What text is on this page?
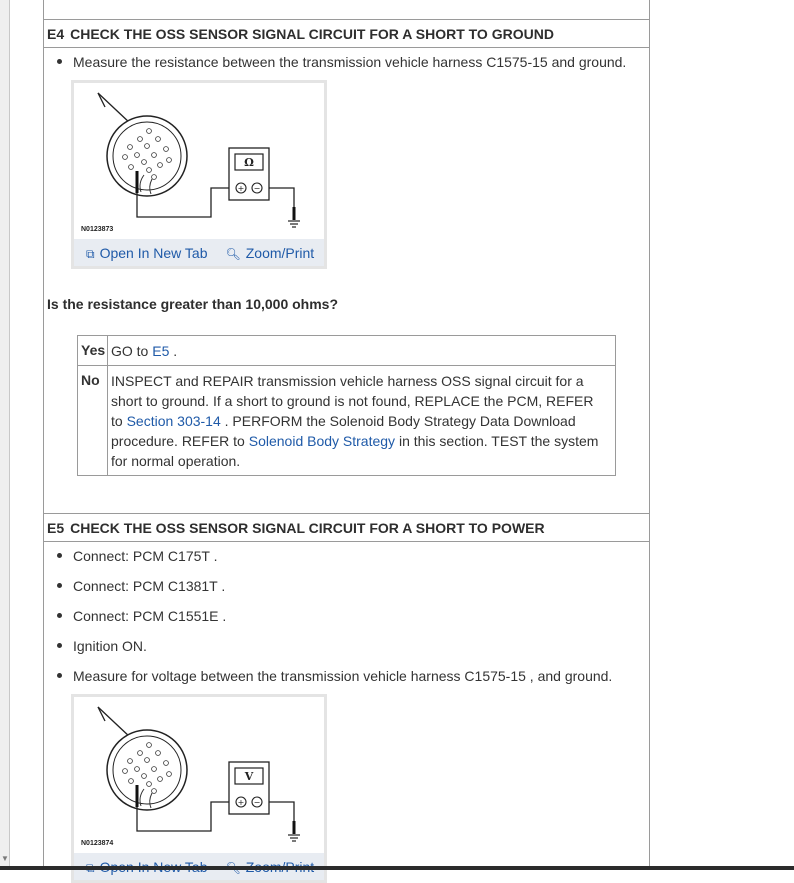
▼
E4 CHECK THE OSS SENSOR SIGNAL CIRCUIT FOR A SHORT TO GROUND
Measure the resistance between the transmission vehicle harness C1575-15 and ground.
Ω
+ −
N0123873
⧉ Open In New Tab 🔍︎ Zoom/Print
Is the resistance greater than 10,000 ohms?
Yes	GO to E5 .
No	INSPECT and REPAIR transmission vehicle harness OSS signal circuit for a short to ground. If a short to ground is not found, REPLACE the PCM, REFER to Section 303-14 . PERFORM the Solenoid Body Strategy Data Download procedure. REFER to Solenoid Body Strategy in this section. TEST the system for normal operation.
E5 CHECK THE OSS SENSOR SIGNAL CIRCUIT FOR A SHORT TO POWER
Connect: PCM C175T .
Connect: PCM C1381T .
Connect: PCM C1551E .
Ignition ON.
Measure for voltage between the transmission vehicle harness C1575-15 , and ground.
V
+ −
N0123874
